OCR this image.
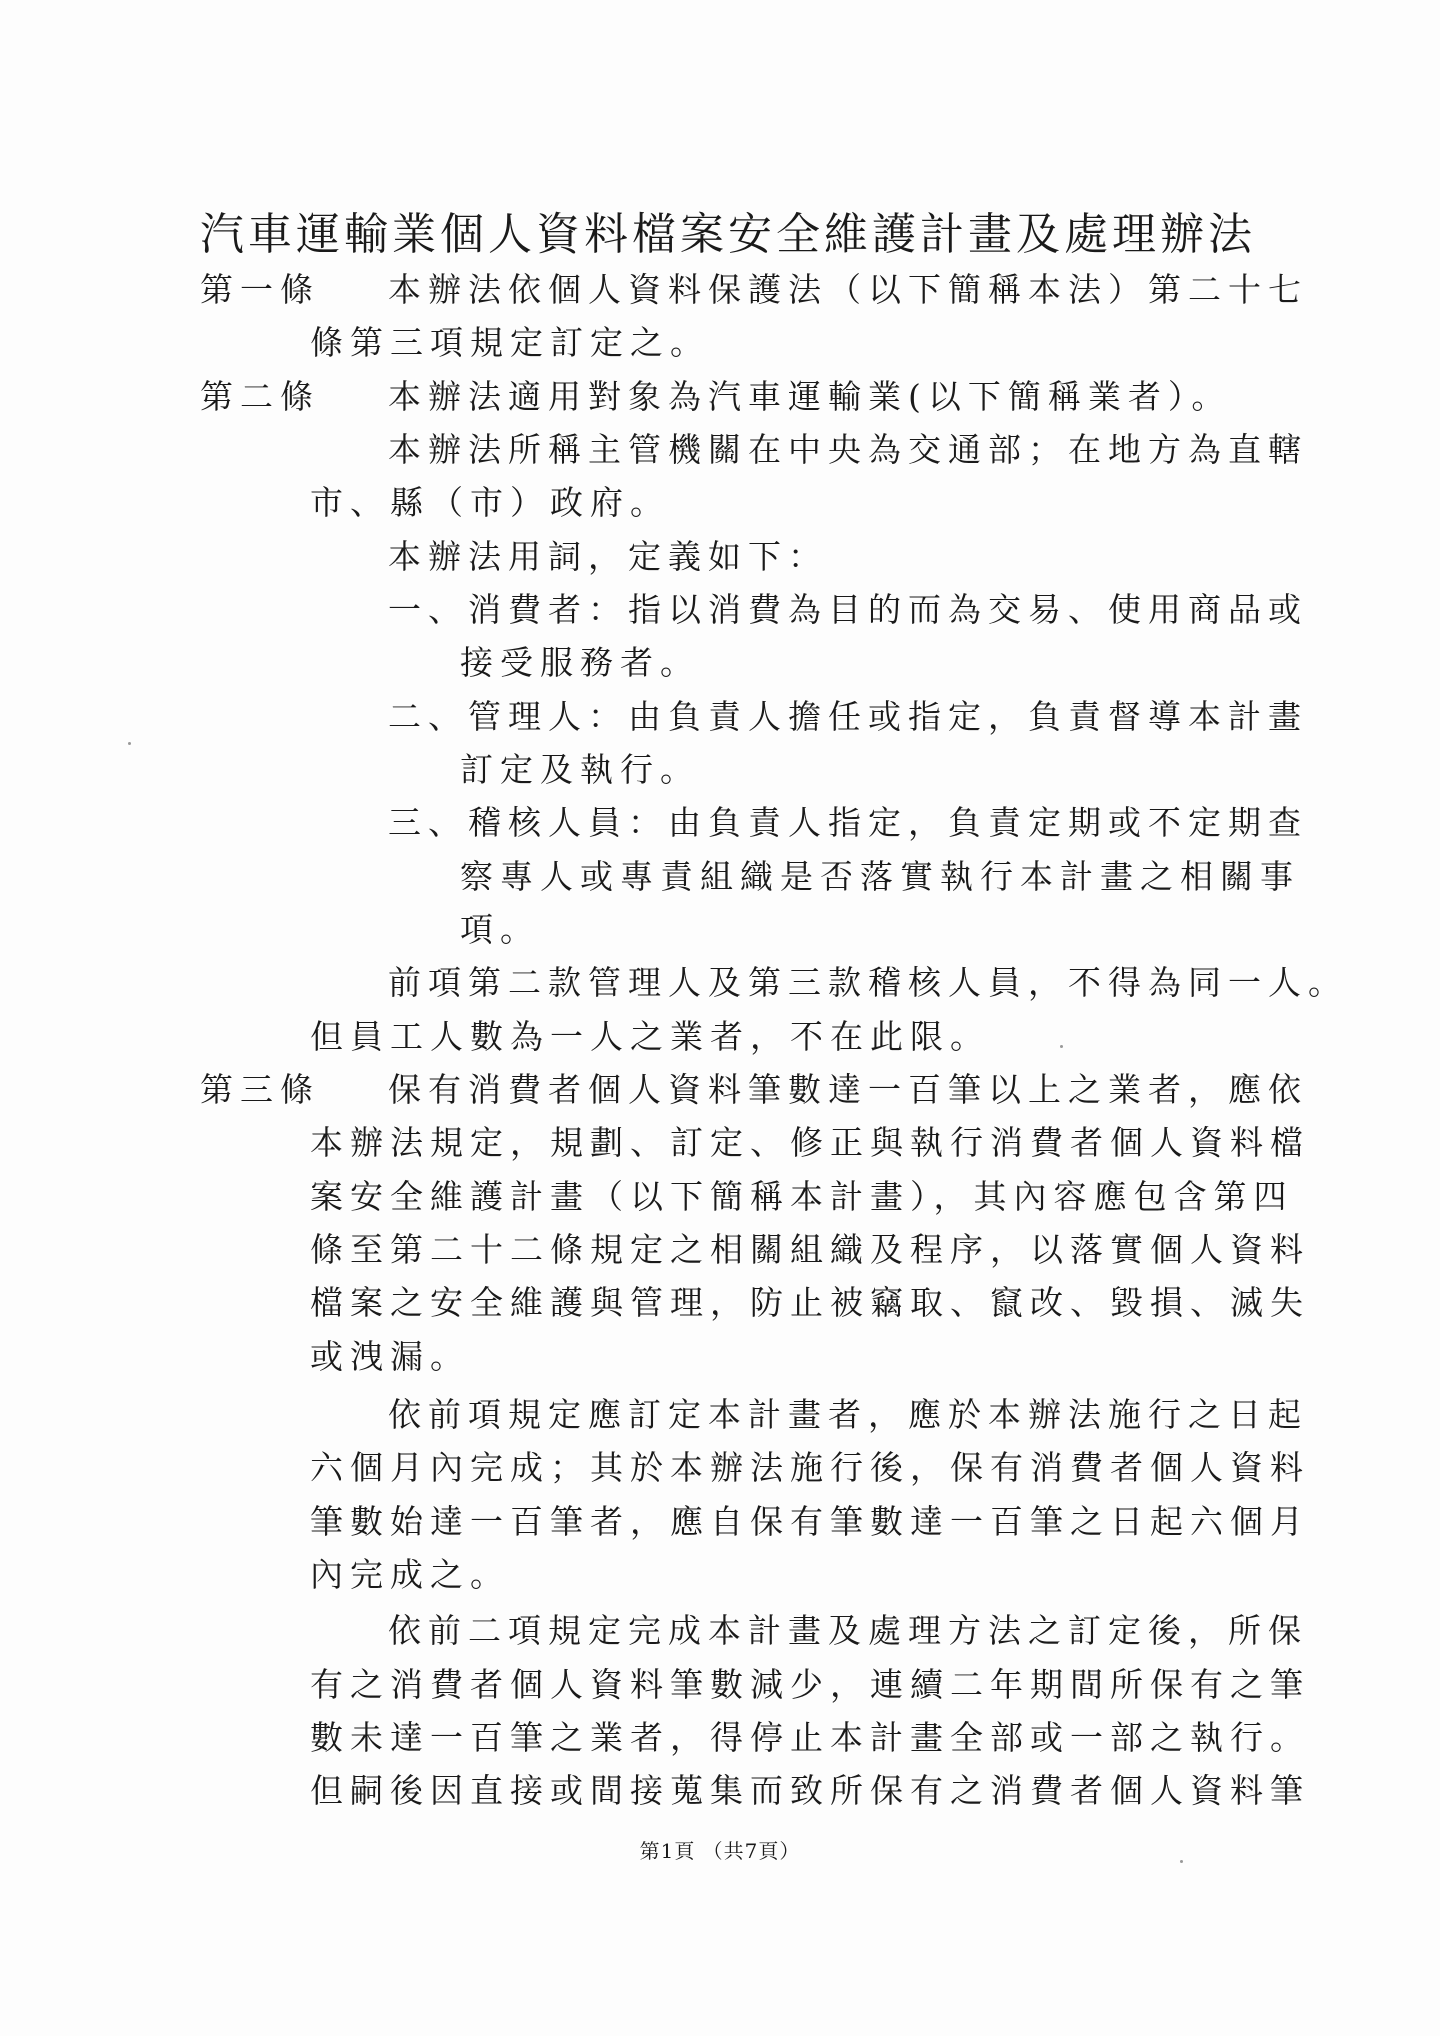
汽車運輸業個人資料檔案安全維護計畫及處理辦法
第一條 本辦法依個人資料保護法（以下簡稱本法）第二十七
條第三項規定訂定之。
第二條 本辦法適用對象為汽車運輸業(以下簡稱業者）。
本辦法所稱主管機關在中央為交通部；在地方為直轄
市、縣（市）政府。
本辦法用詞，定義如下：
一、消費者：指以消費為目的而為交易、使用商品或
接受服務者。
二、管理人：由負責人擔任或指定，負責督導本計畫
訂定及執行。
三、稽核人員：由負責人指定，負責定期或不定期查
察專人或專責組織是否落實執行本計畫之相關事
項。
前項第二款管理人及第三款稽核人員，不得為同一人。
但員工人數為一人之業者，不在此限。
第三條 保有消費者個人資料筆數達一百筆以上之業者，應依
本辦法規定，規劃、訂定、修正與執行消費者個人資料檔
案安全維護計畫（以下簡稱本計畫），其內容應包含第四
條至第二十二條規定之相關組織及程序，以落實個人資料
檔案之安全維護與管理，防止被竊取、竄改、毀損、滅失
或洩漏。
依前項規定應訂定本計畫者，應於本辦法施行之日起
六個月內完成；其於本辦法施行後，保有消費者個人資料
筆數始達一百筆者，應自保有筆數達一百筆之日起六個月
內完成之。
依前二項規定完成本計畫及處理方法之訂定後，所保
有之消費者個人資料筆數減少，連續二年期間所保有之筆
數未達一百筆之業者，得停止本計畫全部或一部之執行。
但嗣後因直接或間接蒐集而致所保有之消費者個人資料筆
第1頁 （共7頁）
